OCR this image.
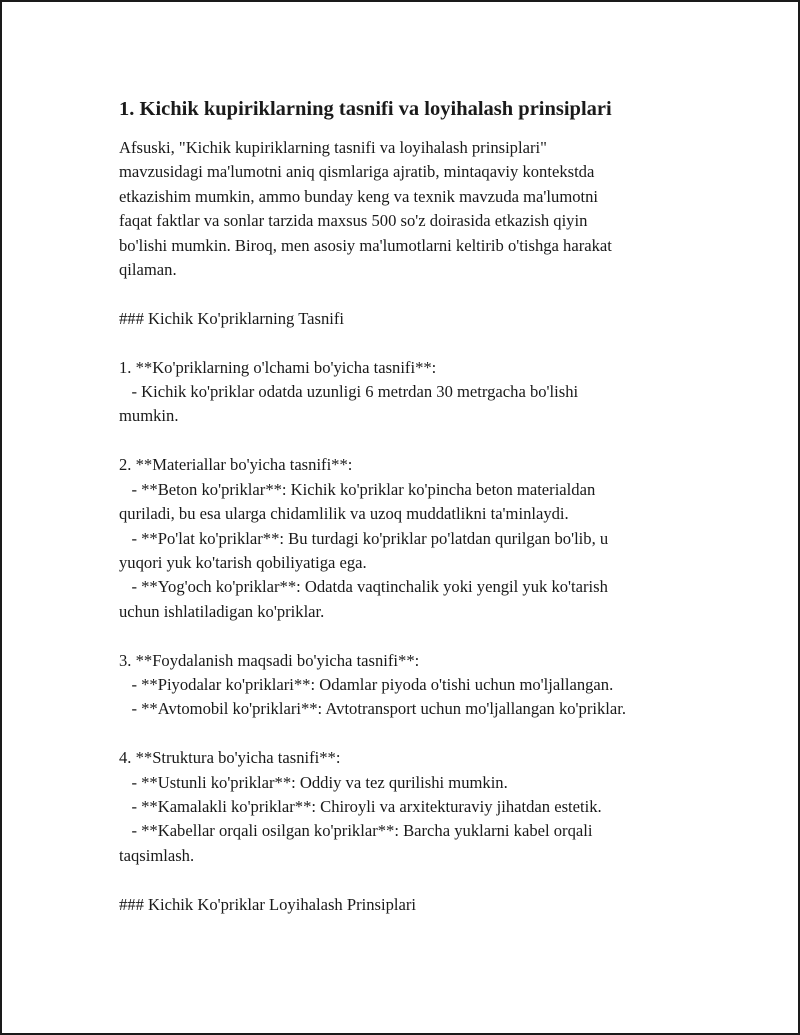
1. Kichik kupiriklarning tasnifi va loyihalash prinsiplari

Afsuski, "Kichik kupiriklarning tasnifi va loyihalash prinsiplari"
mavzusidagi ma'lumotni aniq qismlariga ajratib, mintaqaviy kontekstda
etkazishim mumkin, ammo bunday keng va texnik mavzuda ma'lumotni
faqat faktlar va sonlar tarzida maxsus 500 so'z doirasida etkazish qiyin
bo'lishi mumkin. Biroq, men asosiy ma'lumotlarni keltirib o'tishga harakat
qilaman.

### Kichik Ko'priklarning Tasnifi

1. **Ko'priklarning o'lchami bo'yicha tasnifi**:
- Kichik ko'priklar odatda uzunligi 6 metrdan 30 metrgacha bo'lishi
mumkin.

2. **Materiallar bo'yicha tasnifi**:
- **Beton ko'priklar**: Kichik ko'priklar ko'pincha beton materialdan
quriladi, bu esa ularga chidamlilik va uzoq muddatlikni ta'minlaydi.
- **Po'lat ko'priklar**: Bu turdagi ko'priklar po'latdan qurilgan bo'lib, u
yuqori yuk ko'tarish qobiliyatiga ega.
- **Yog'och ko'priklar**: Odatda vaqtinchalik yoki yengil yuk ko'tarish
uchun ishlatiladigan ko'priklar.

3. **Foydalanish maqsadi bo'yicha tasnifi**:
- **Piyodalar ko'priklari**: Odamlar piyoda o'tishi uchun mo'ljallangan.
- **Avtomobil ko'priklari**: Avtotransport uchun mo'ljallangan ko'priklar.

4. **Struktura bo'yicha tasnifi**:
- **Ustunli ko'priklar**: Oddiy va tez qurilishi mumkin.
- **Kamalakli ko'priklar**: Chiroyli va arxitekturaviy jihatdan estetik.
- **Kabellar orqali osilgan ko'priklar**: Barcha yuklarni kabel orqali
taqsimlash.

### Kichik Ko'priklar Loyihalash Prinsiplari
